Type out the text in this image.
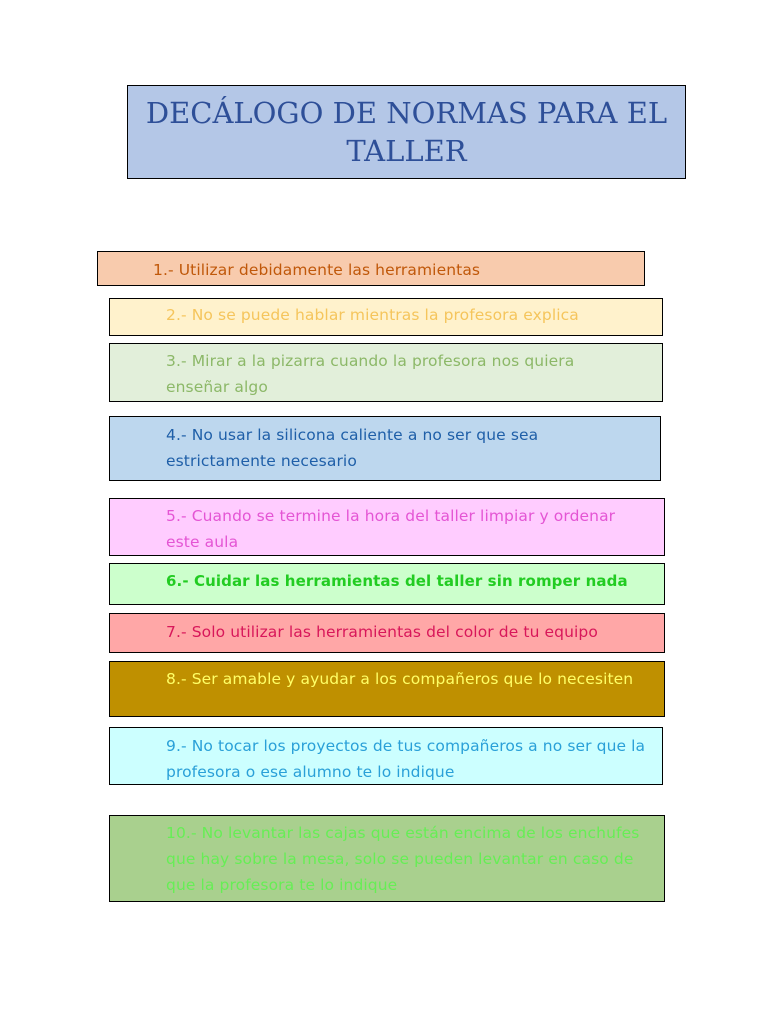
DECÁLOGO DE NORMAS PARA EL TALLER
1.- Utilizar debidamente las herramientas
2.- No se puede hablar mientras la profesora explica
3.- Mirar a la pizarra cuando la profesora nos quiera enseñar algo
4.- No usar la silicona caliente a no ser que sea estrictamente necesario
5.- Cuando se termine la hora del taller limpiar y ordenar este aula
6.- Cuidar las herramientas del taller sin romper nada
7.- Solo utilizar las herramientas del color de tu equipo
8.- Ser amable y ayudar a los compañeros que lo necesiten
9.- No tocar los proyectos de tus compañeros a no ser que la profesora o ese alumno te lo indique
10.- No levantar las cajas que están encima de los enchufes que hay sobre la mesa, solo se pueden levantar en caso de que la profesora te lo indique
